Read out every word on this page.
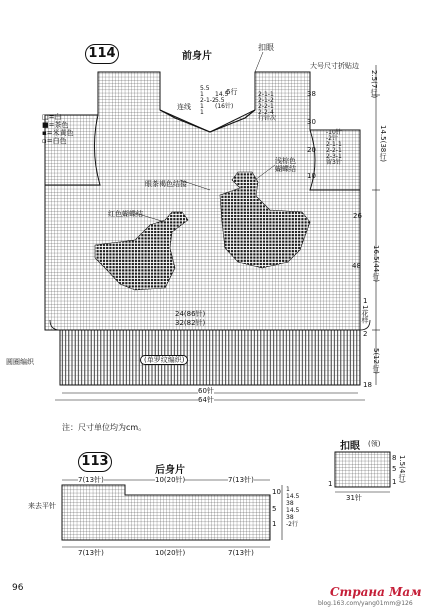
114	前身片
扣眼
大号尺寸折贴边
□=白
■=茶色
▪=米黄色
▫=白色
5.5
1
2-1-2
1
1
14.5
5.5
(16针)
6行	2-1-1
2-1-2
2-2-1
2-2-4
行针次
连线
2.5(7行)
14.5(38行)
-10针
-2针
2-1-1
2-2-1
2-3-1
留3针
16.5(44行)
5(12行)
38
30
20
10
26
48
18
2
1
浅棕色
蝴蝶结
眼茶褐色结接
红色蝴蝶结
1花样
24(86针)
32(82针)
圆圈编织	(单罗纹编织)
60针
64针
注：尺寸单位均为cm。
113
后身片
7(13针)	10(20针)	7(13针)
7(13针)	10(20针)	7(13针)
来去平针
10
5
1
1
14.5
38
14.5
38
-2行
扣眼 (领)
8
5
1
31针
1
1.5(4行)
96	Страна Мам
blog.163.com/yang01mm@126
